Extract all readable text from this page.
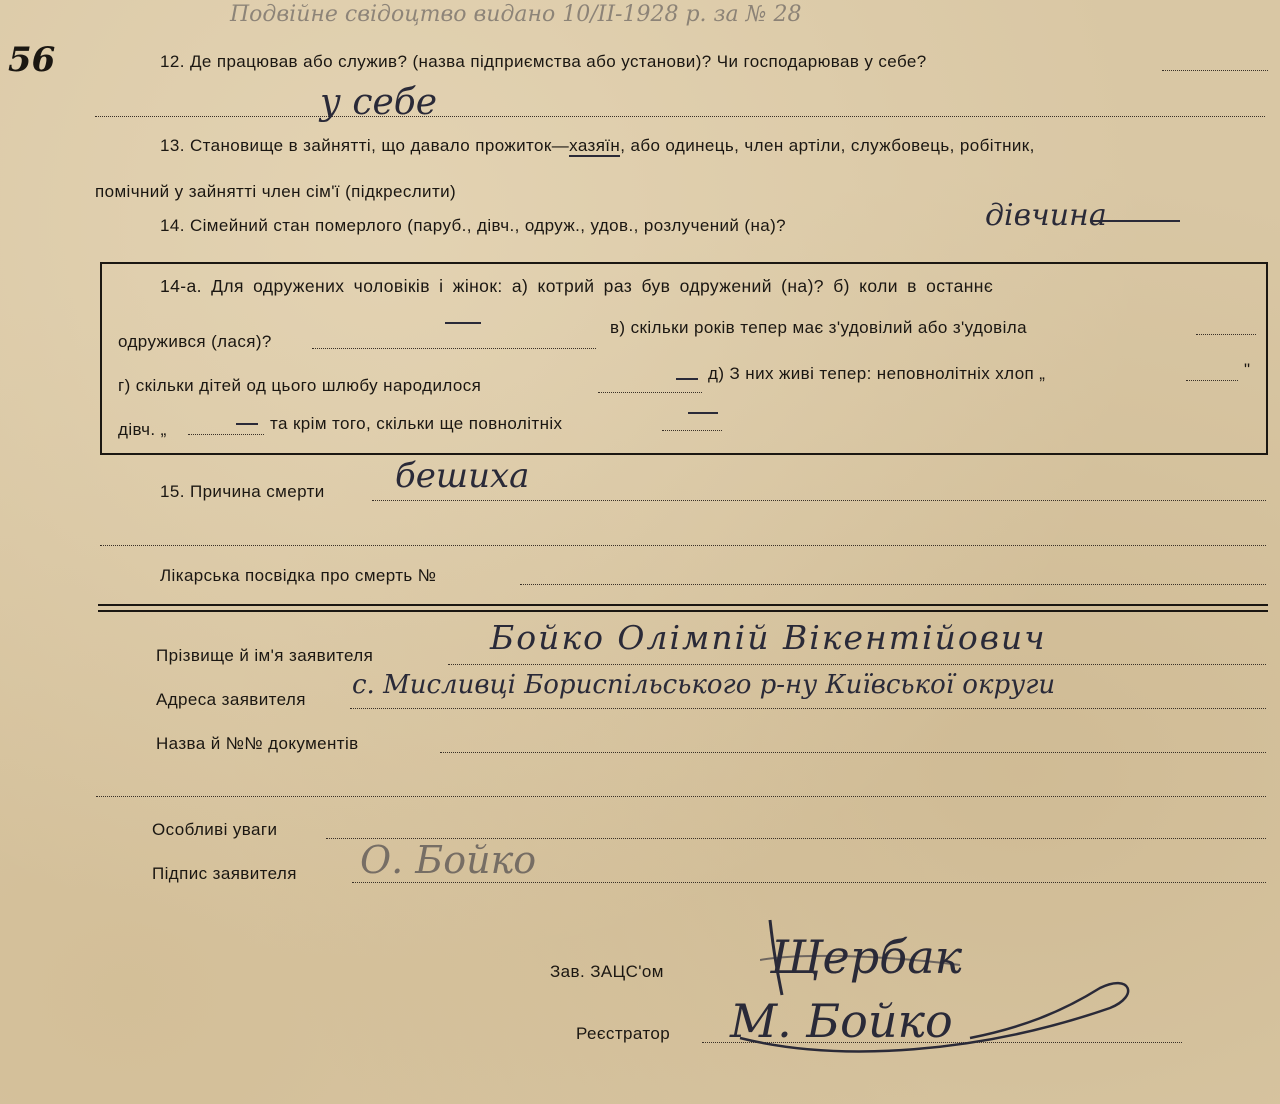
Подвійне свідоцтво видано 10/ІІ-1928 р. за № 28
56	12. Де працював або служив? (назва підприємства або установи)? Чи господарював у себе?
у себе
13. Становище в зайнятті, що давало прожиток—хазяїн, або одинець, член артіли, службовець, робітник,
помічний у зайнятті член сім'ї (підкреслити)
14. Сімейний стан померлого (паруб., дівч., одруж., удов., розлучений (на)?	дівчина
14-а. Для одружених чоловіків і жінок: а) котрий раз був одружений (на)? б) коли в останнє
одружився (лася)?
в) скільки років тепер має з'удовілий або з'удовіла
г) скільки дітей од цього шлюбу народилося
д) З них живі тепер: неповнолітніх хлоп „	"
дівч. „	та крім того, скільки ще повнолітніх
15. Причина смерти бешиха
Лікарська посвідка про смерть №
Прізвище й ім'я заявителя	Бойко Олімпій Вікентійович
Адреса заявителя с. Мисливці Бориспільського р-ну Київської округи
Назва й №№ документів
Особливі уваги
Підпис заявителя О. Бойко
Зав. ЗАЦС'ом Щербак
Реєстратор М. Бойко
